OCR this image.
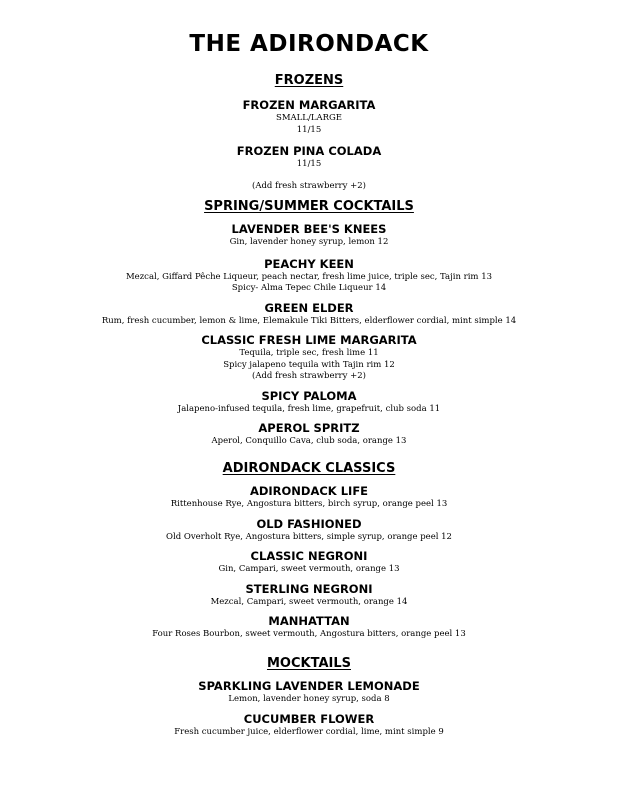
THE ADIRONDACK
FROZENS
FROZEN MARGARITA
SMALL/LARGE
11/15
FROZEN PINA COLADA
11/15
(Add fresh strawberry +2)
SPRING/SUMMER COCKTAILS
LAVENDER BEE'S KNEES
Gin, lavender honey syrup, lemon 12
PEACHY KEEN
Mezcal, Giffard Pêche Liqueur, peach nectar, fresh lime juice, triple sec, Tajin rim 13
Spicy- Alma Tepec Chile Liqueur 14
GREEN ELDER
Rum, fresh cucumber, lemon & lime, Elemakule Tiki Bitters, elderflower cordial, mint simple 14
CLASSIC FRESH LIME MARGARITA
Tequila, triple sec, fresh lime 11
Spicy jalapeno tequila with Tajin rim 12
(Add fresh strawberry +2)
SPICY PALOMA
Jalapeno-infused tequila, fresh lime, grapefruit, club soda 11
APEROL SPRITZ
Aperol, Conquillo Cava, club soda, orange 13
ADIRONDACK CLASSICS
ADIRONDACK LIFE
Rittenhouse Rye, Angostura bitters, birch syrup, orange peel 13
OLD FASHIONED
Old Overholt Rye, Angostura bitters, simple syrup, orange peel 12
CLASSIC NEGRONI
Gin, Campari, sweet vermouth, orange 13
STERLING NEGRONI
Mezcal, Campari, sweet vermouth, orange 14
MANHATTAN
Four Roses Bourbon, sweet vermouth, Angostura bitters, orange peel 13
MOCKTAILS
SPARKLING LAVENDER LEMONADE
Lemon, lavender honey syrup, soda 8
CUCUMBER FLOWER
Fresh cucumber juice, elderflower cordial, lime, mint simple 9
